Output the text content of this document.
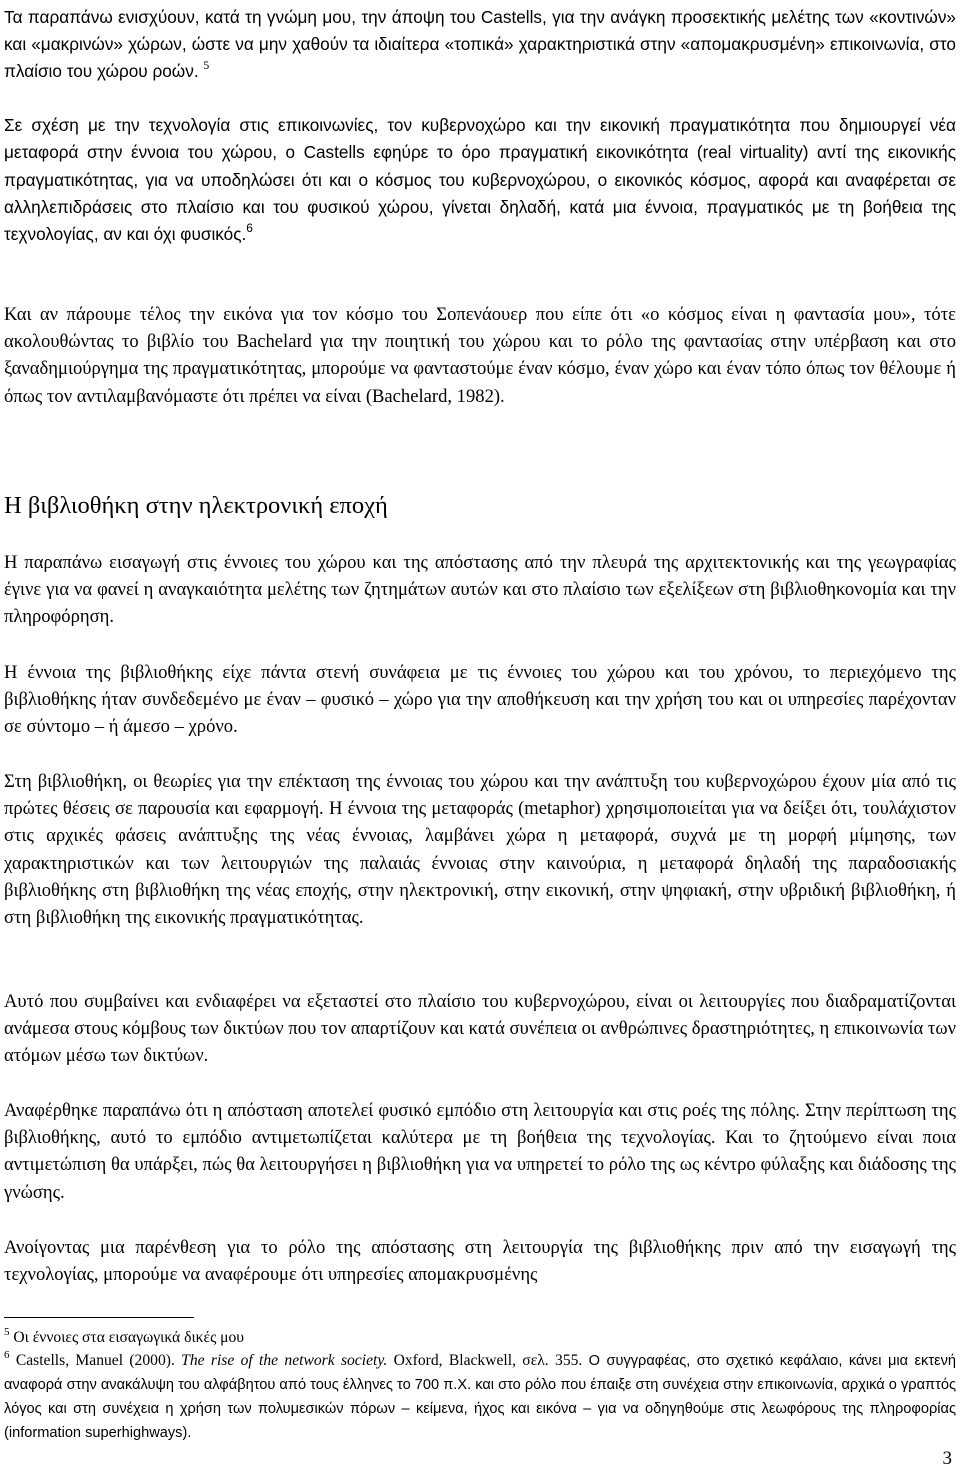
Τα παραπάνω ενισχύουν, κατά τη γνώμη μου, την άποψη του Castells, για την ανάγκη προσεκτικής μελέτης των «κοντινών» και «μακρινών» χώρων, ώστε να μην χαθούν τα ιδιαίτερα «τοπικά» χαρακτηριστικά στην «απομακρυσμένη» επικοινωνία, στο πλαίσιο του χώρου ροών. $^5$

Σε σχέση με την τεχνολογία στις επικοινωνίες, τον κυβερνοχώρο και την εικονική πραγματικότητα που δημιουργεί νέα μεταφορά στην έννοια του χώρου, ο Castells εφηύρε το όρο πραγματική εικονικότητα (real virtuality) αντί της εικονικής πραγματικότητας, για να υποδηλώσει ότι και ο κόσμος του κυβερνοχώρου, ο εικονικός κόσμος, αφορά και αναφέρεται σε αλληλεπιδράσεις στο πλαίσιο και του φυσικού χώρου, γίνεται δηλαδή, κατά μια έννοια, πραγματικός με τη βοήθεια της τεχνολογίας, αν και όχι φυσικός.$^6$

Και αν πάρουμε τέλος την εικόνα για τον κόσμο του Σοπενάουερ που είπε ότι «ο κόσμος είναι η φαντασία μου», τότε ακολουθώντας το βιβλίο του Bachelard για την ποιητική του χώρου και το ρόλο της φαντασίας στην υπέρβαση και στο ξαναδημιούργημα της πραγματικότητας, μπορούμε να φανταστούμε έναν κόσμο, έναν χώρο και έναν τόπο όπως τον θέλουμε ή όπως τον αντιλαμβανόμαστε ότι πρέπει να είναι (Bachelard, 1982).

Η βιβλιοθήκη στην ηλεκτρονική εποχή

Η παραπάνω εισαγωγή στις έννοιες του χώρου και της απόστασης από την πλευρά της αρχιτεκτονικής και της γεωγραφίας έγινε για να φανεί η αναγκαιότητα μελέτης των ζητημάτων αυτών και στο πλαίσιο των εξελίξεων στη βιβλιοθηκονομία και την πληροφόρηση.

Η έννοια της βιβλιοθήκης είχε πάντα στενή συνάφεια με τις έννοιες του χώρου και του χρόνου, το περιεχόμενο της βιβλιοθήκης ήταν συνδεδεμένο με έναν – φυσικό – χώρο για την αποθήκευση και την χρήση του και οι υπηρεσίες παρέχονταν σε σύντομο – ή άμεσο – χρόνο.

Στη βιβλιοθήκη, οι θεωρίες για την επέκταση της έννοιας του χώρου και την ανάπτυξη του κυβερνοχώρου έχουν μία από τις πρώτες θέσεις σε παρουσία και εφαρμογή. Η έννοια της μεταφοράς (metaphor) χρησιμοποιείται για να δείξει ότι, τουλάχιστον στις αρχικές φάσεις ανάπτυξης της νέας έννοιας, λαμβάνει χώρα η μεταφορά, συχνά με τη μορφή μίμησης, των χαρακτηριστικών και των λειτουργιών της παλαιάς έννοιας στην καινούρια, η μεταφορά δηλαδή της παραδοσιακής βιβλιοθήκης στη βιβλιοθήκη της νέας εποχής, στην ηλεκτρονική, στην εικονική, στην ψηφιακή, στην υβριδική βιβλιοθήκη, ή στη βιβλιοθήκη της εικονικής πραγματικότητας.

Αυτό που συμβαίνει και ενδιαφέρει να εξεταστεί στο πλαίσιο του κυβερνοχώρου, είναι οι λειτουργίες που διαδραματίζονται ανάμεσα στους κόμβους των δικτύων που τον απαρτίζουν και κατά συνέπεια οι ανθρώπινες δραστηριότητες, η επικοινωνία των ατόμων μέσω των δικτύων.

Αναφέρθηκε παραπάνω ότι η απόσταση αποτελεί φυσικό εμπόδιο στη λειτουργία και στις ροές της πόλης. Στην περίπτωση της βιβλιοθήκης, αυτό το εμπόδιο αντιμετωπίζεται καλύτερα με τη βοήθεια της τεχνολογίας. Και το ζητούμενο είναι ποια αντιμετώπιση θα υπάρξει, πώς θα λειτουργήσει η βιβλιοθήκη για να υπηρετεί το ρόλο της ως κέντρο φύλαξης και διάδοσης της γνώσης.

Ανοίγοντας μια παρένθεση για το ρόλο της απόστασης στη λειτουργία της βιβλιοθήκης πριν από την εισαγωγή της τεχνολογίας, μπορούμε να αναφέρουμε ότι υπηρεσίες απομακρυσμένης

$^5$ Οι έννοιες στα εισαγωγικά δικές μου

$^6$ Castells, Manuel (2000). The rise of the network society. Oxford, Blackwell, σελ. 355. Ο συγγραφέας, στο σχετικό κεφάλαιο, κάνει μια εκτενή αναφορά στην ανακάλυψη του αλφάβητου από τους έλληνες το 700 π.Χ. και στο ρόλο που έπαιξε στη συνέχεια στην επικοινωνία, αρχικά ο γραπτός λόγος και στη συνέχεια η χρήση των πολυμεσικών πόρων – κείμενα, ήχος και εικόνα – για να οδηγηθούμε στις λεωφόρους της πληροφορίας (information superhighways).

3
